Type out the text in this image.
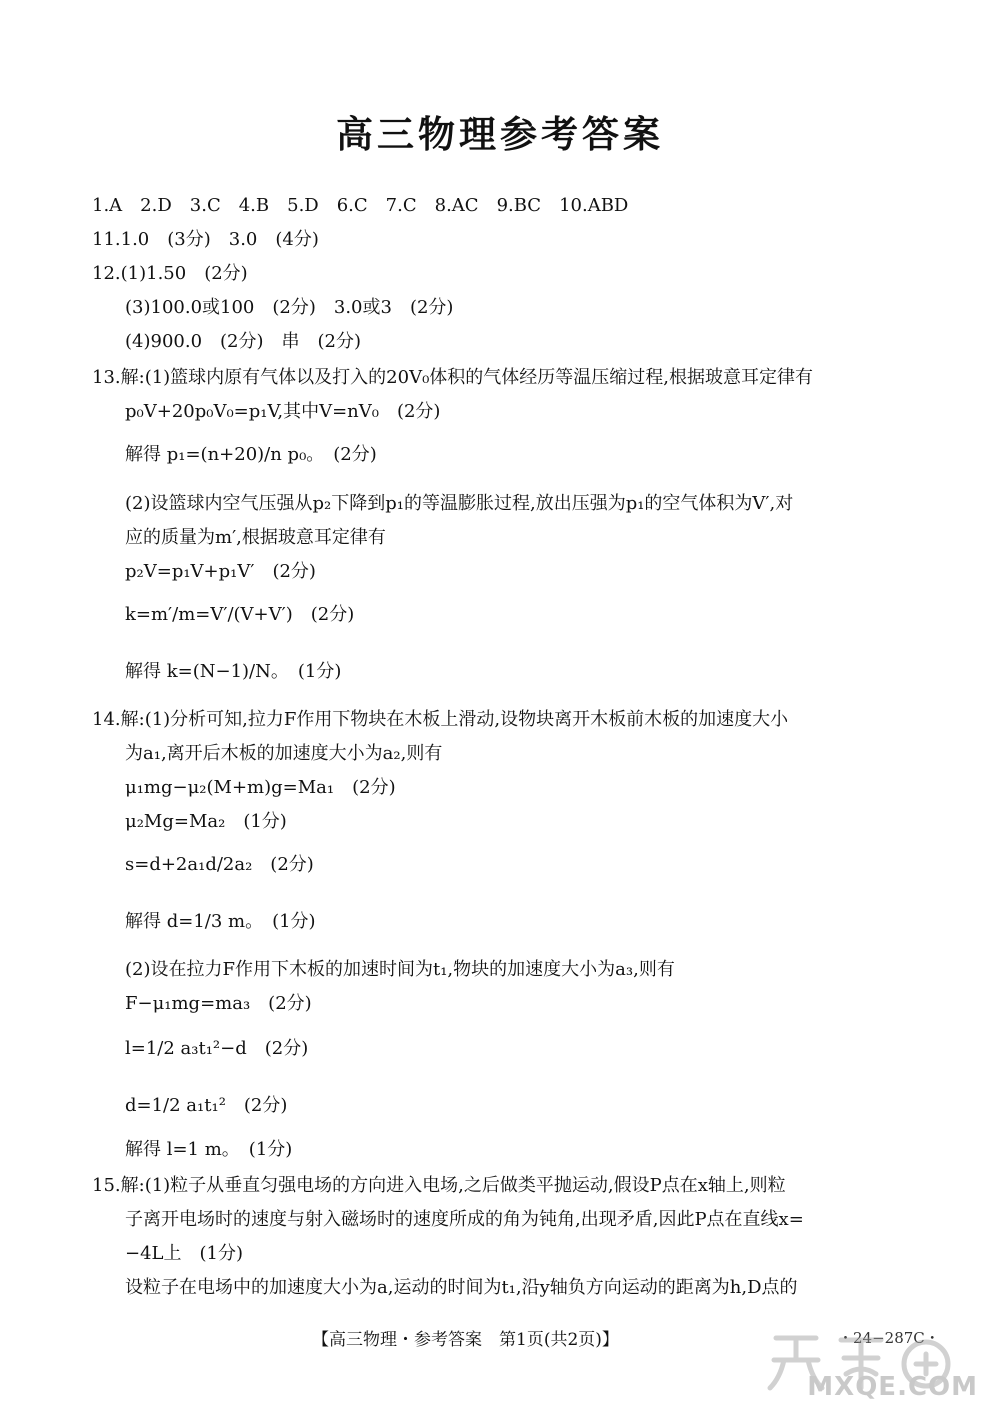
高三物理参考答案
1.A　2.D　3.C　4.B　5.D　6.C　7.C　8.AC　9.BC　10.ABD
11.1.0　(3分)　3.0　(4分)
12.(1)1.50　(2分)
(3)100.0或100　(2分)　3.0或3　(2分)
(4)900.0　(2分)　串　(2分)
13.解:(1)篮球内原有气体以及打入的20V₀体积的气体经历等温压缩过程,根据玻意耳定律有
p₀V+20p₀V₀=p₁V,其中V=nV₀　(2分)
解得 p₁=(n+20)/n p₀。　(2分)
(2)设篮球内空气压强从p₂下降到p₁的等温膨胀过程,放出压强为p₁的空气体积为V′,对
应的质量为m′,根据玻意耳定律有
p₂V=p₁V+p₁V′　(2分)
k=m′/m=V′/(V+V′)　(2分)
解得 k=(N−1)/N。　(1分)
14.解:(1)分析可知,拉力F作用下物块在木板上滑动,设物块离开木板前木板的加速度大小
为a₁,离开后木板的加速度大小为a₂,则有
μ₁mg−μ₂(M+m)g=Ma₁　(2分)
μ₂Mg=Ma₂　(1分)
s=d+2a₁d/2a₂　(2分)
解得 d=1/3 m。　(1分)
(2)设在拉力F作用下木板的加速时间为t₁,物块的加速度大小为a₃,则有
F−μ₁mg=ma₃　(2分)
l=1/2 a₃t₁²−d　(2分)
d=1/2 a₁t₁²　(2分)
解得 l=1 m。　(1分)
15.解:(1)粒子从垂直匀强电场的方向进入电场,之后做类平抛运动,假设P点在x轴上,则粒
子离开电场时的速度与射入磁场时的速度所成的角为钝角,出现矛盾,因此P点在直线x=
−4L上　(1分)
设粒子在电场中的加速度大小为a,运动的时间为t₁,沿y轴负方向运动的距离为h,D点的
【高三物理・参考答案　第1页(共2页)】	・24−287C・
MXQE.COM
